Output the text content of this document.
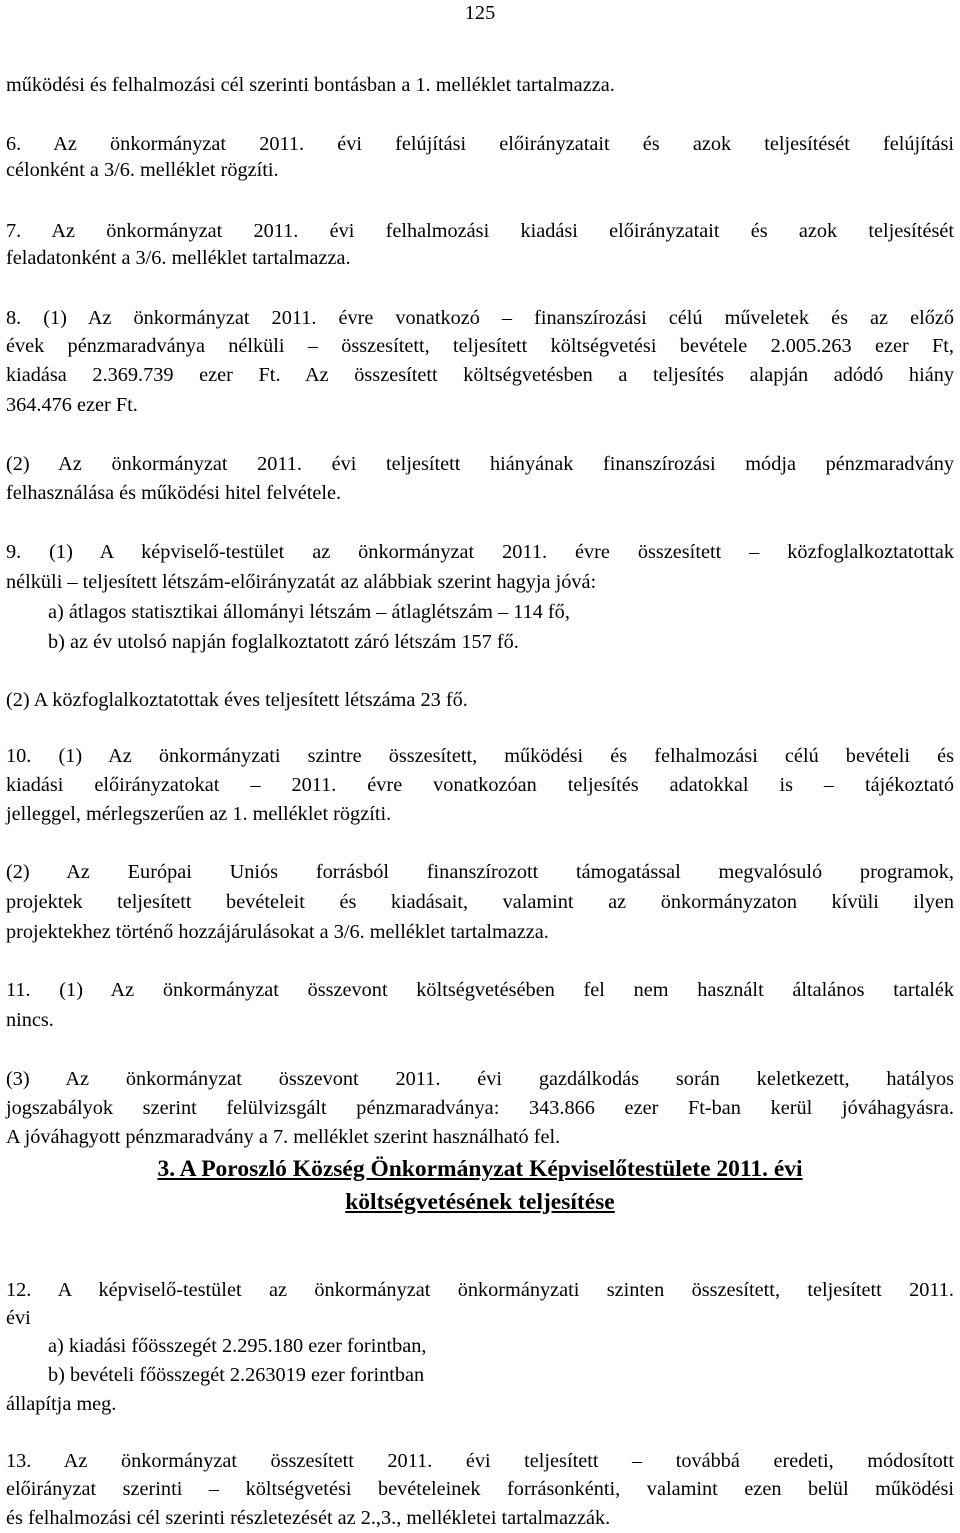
125
működési és felhalmozási cél szerinti bontásban a 1. melléklet tartalmazza.
6. Az önkormányzat 2011. évi felújítási előirányzatait és azok teljesítését felújítási
célonként a 3/6. melléklet rögzíti.
7. Az önkormányzat 2011. évi felhalmozási kiadási előirányzatait és azok teljesítését
feladatonként a 3/6. melléklet tartalmazza.
8. (1) Az önkormányzat 2011. évre vonatkozó – finanszírozási célú műveletek és az előző
évek pénzmaradványa nélküli – összesített, teljesített költségvetési bevétele 2.005.263 ezer Ft,
kiadása 2.369.739 ezer Ft. Az összesített költségvetésben a teljesítés alapján adódó hiány
364.476 ezer Ft.
(2) Az önkormányzat 2011. évi teljesített hiányának finanszírozási módja pénzmaradvány
felhasználása és működési hitel felvétele.
9. (1) A képviselő-testület az önkormányzat 2011. évre összesített – közfoglalkoztatottak
nélküli – teljesített létszám-előirányzatát az alábbiak szerint hagyja jóvá:
a) átlagos statisztikai állományi létszám – átlaglétszám – 114 fő,
b) az év utolsó napján foglalkoztatott záró létszám 157 fő.
(2) A közfoglalkoztatottak éves teljesített létszáma 23 fő.
10. (1) Az önkormányzati szintre összesített, működési és felhalmozási célú bevételi és
kiadási előirányzatokat – 2011. évre vonatkozóan teljesítés adatokkal is – tájékoztató
jelleggel, mérlegszerűen az 1. melléklet rögzíti.
(2) Az Európai Uniós forrásból finanszírozott támogatással megvalósuló programok,
projektek teljesített bevételeit és kiadásait, valamint az önkormányzaton kívüli ilyen
projektekhez történő hozzájárulásokat a 3/6. melléklet tartalmazza.
11. (1) Az önkormányzat összevont költségvetésében fel nem használt általános tartalék
nincs.
(3) Az önkormányzat összevont 2011. évi gazdálkodás során keletkezett, hatályos
jogszabályok szerint felülvizsgált pénzmaradványa: 343.866 ezer Ft-ban kerül jóváhagyásra.
A jóváhagyott pénzmaradvány a 7. melléklet szerint használható fel.
3. A Poroszló Község Önkormányzat Képviselőtestülete 2011. évi
költségvetésének teljesítése
12. A képviselő-testület az önkormányzat önkormányzati szinten összesített, teljesített 2011.
évi
a) kiadási főösszegét 2.295.180 ezer forintban,
b) bevételi főösszegét 2.263019 ezer forintban
állapítja meg.
13. Az önkormányzat összesített 2011. évi teljesített – továbbá eredeti, módosított
előirányzat szerinti – költségvetési bevételeinek forrásonkénti, valamint ezen belül működési
és felhalmozási cél szerinti részletezését az 2.,3., mellékletei tartalmazzák.
